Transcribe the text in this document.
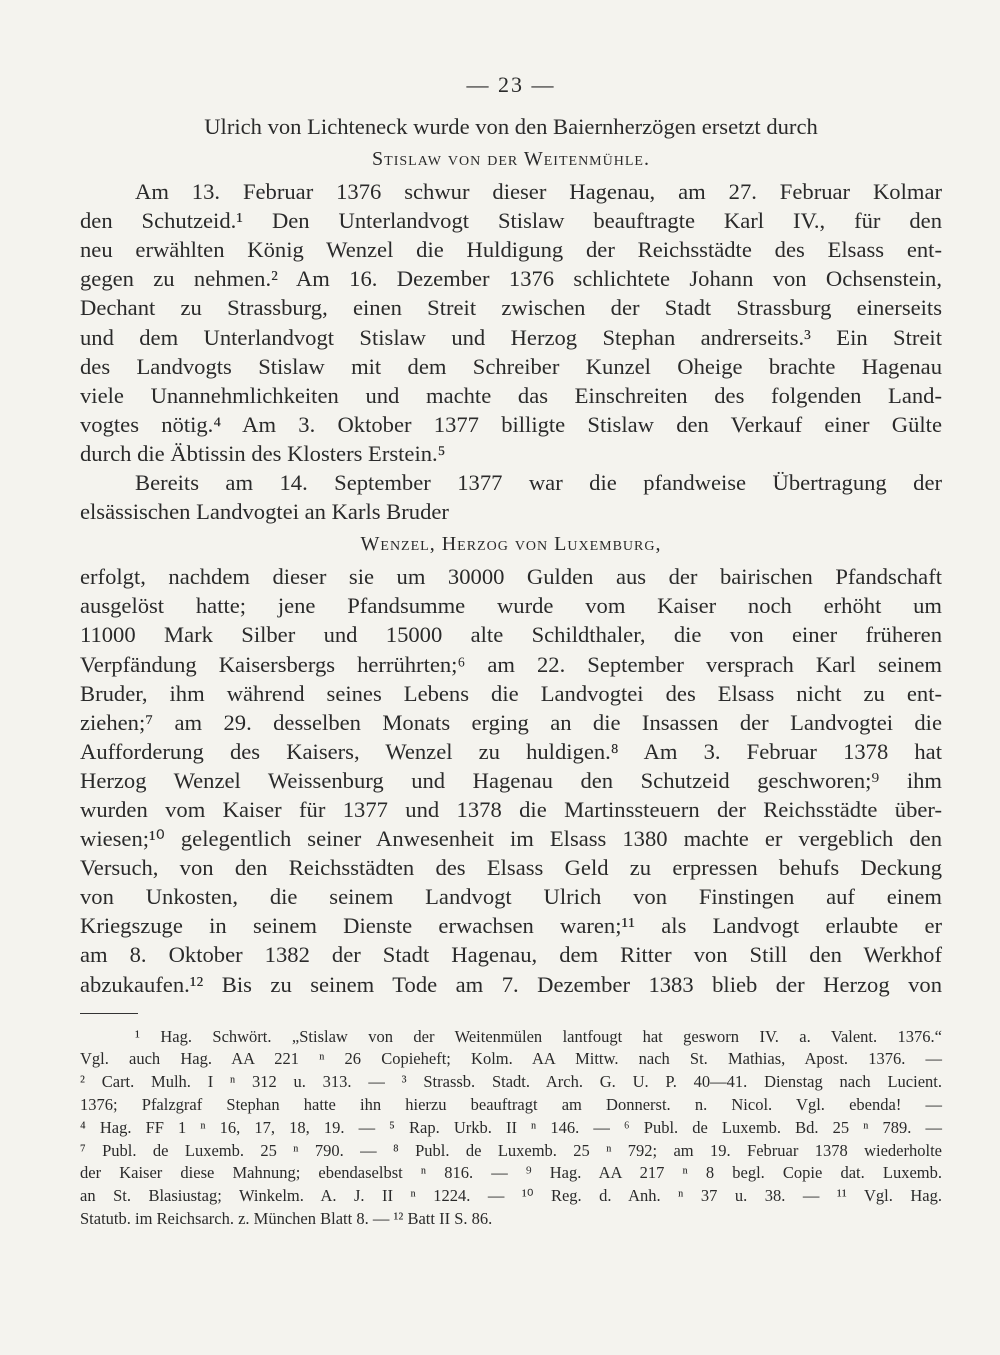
— 23 —
Ulrich von Lichteneck wurde von den Baiernherzögen ersetzt durch
Stislaw von der Weitenmühle.
Am 13. Februar 1376 schwur dieser Hagenau, am 27. Februar Kolmar
den Schutzeid.¹ Den Unterlandvogt Stislaw beauftragte Karl IV., für den
neu erwählten König Wenzel die Huldigung der Reichsstädte des Elsass ent-
gegen zu nehmen.² Am 16. Dezember 1376 schlichtete Johann von Ochsenstein,
Dechant zu Strassburg, einen Streit zwischen der Stadt Strassburg einerseits
und dem Unterlandvogt Stislaw und Herzog Stephan andrerseits.³ Ein Streit
des Landvogts Stislaw mit dem Schreiber Kunzel Oheige brachte Hagenau
viele Unannehmlichkeiten und machte das Einschreiten des folgenden Land-
vogtes nötig.⁴ Am 3. Oktober 1377 billigte Stislaw den Verkauf einer Gülte
durch die Äbtissin des Klosters Erstein.⁵
Bereits am 14. September 1377 war die pfandweise Übertragung der
elsässischen Landvogtei an Karls Bruder
Wenzel, Herzog von Luxemburg,
erfolgt, nachdem dieser sie um 30000 Gulden aus der bairischen Pfandschaft
ausgelöst hatte; jene Pfandsumme wurde vom Kaiser noch erhöht um
11000 Mark Silber und 15000 alte Schildthaler, die von einer früheren
Verpfändung Kaisersbergs herrührten;⁶ am 22. September versprach Karl seinem
Bruder, ihm während seines Lebens die Landvogtei des Elsass nicht zu ent-
ziehen;⁷ am 29. desselben Monats erging an die Insassen der Landvogtei die
Aufforderung des Kaisers, Wenzel zu huldigen.⁸ Am 3. Februar 1378 hat
Herzog Wenzel Weissenburg und Hagenau den Schutzeid geschworen;⁹ ihm
wurden vom Kaiser für 1377 und 1378 die Martinssteuern der Reichsstädte über-
wiesen;¹⁰ gelegentlich seiner Anwesenheit im Elsass 1380 machte er vergeblich den
Versuch, von den Reichsstädten des Elsass Geld zu erpressen behufs Deckung
von Unkosten, die seinem Landvogt Ulrich von Finstingen auf einem
Kriegszuge in seinem Dienste erwachsen waren;¹¹ als Landvogt erlaubte er
am 8. Oktober 1382 der Stadt Hagenau, dem Ritter von Still den Werkhof
abzukaufen.¹² Bis zu seinem Tode am 7. Dezember 1383 blieb der Herzog von
¹ Hag. Schwört. „Stislaw von der Weitenmülen lantfougt hat gesworn IV. a. Valent. 1376.“
Vgl. auch Hag. AA 221 ⁿ 26 Copieheft; Kolm. AA Mittw. nach St. Mathias, Apost. 1376. —
² Cart. Mulh. I ⁿ 312 u. 313. — ³ Strassb. Stadt. Arch. G. U. P. 40—41. Dienstag nach Lucient.
1376; Pfalzgraf Stephan hatte ihn hierzu beauftragt am Donnerst. n. Nicol. Vgl. ebenda! —
⁴ Hag. FF 1 ⁿ 16, 17, 18, 19. — ⁵ Rap. Urkb. II ⁿ 146. — ⁶ Publ. de Luxemb. Bd. 25 ⁿ 789. —
⁷ Publ. de Luxemb. 25 ⁿ 790. — ⁸ Publ. de Luxemb. 25 ⁿ 792; am 19. Februar 1378 wiederholte
der Kaiser diese Mahnung; ebendaselbst ⁿ 816. — ⁹ Hag. AA 217 ⁿ 8 begl. Copie dat. Luxemb.
an St. Blasiustag; Winkelm. A. J. II ⁿ 1224. — ¹⁰ Reg. d. Anh. ⁿ 37 u. 38. — ¹¹ Vgl. Hag.
Statutb. im Reichsarch. z. München Blatt 8. — ¹² Batt II S. 86.
